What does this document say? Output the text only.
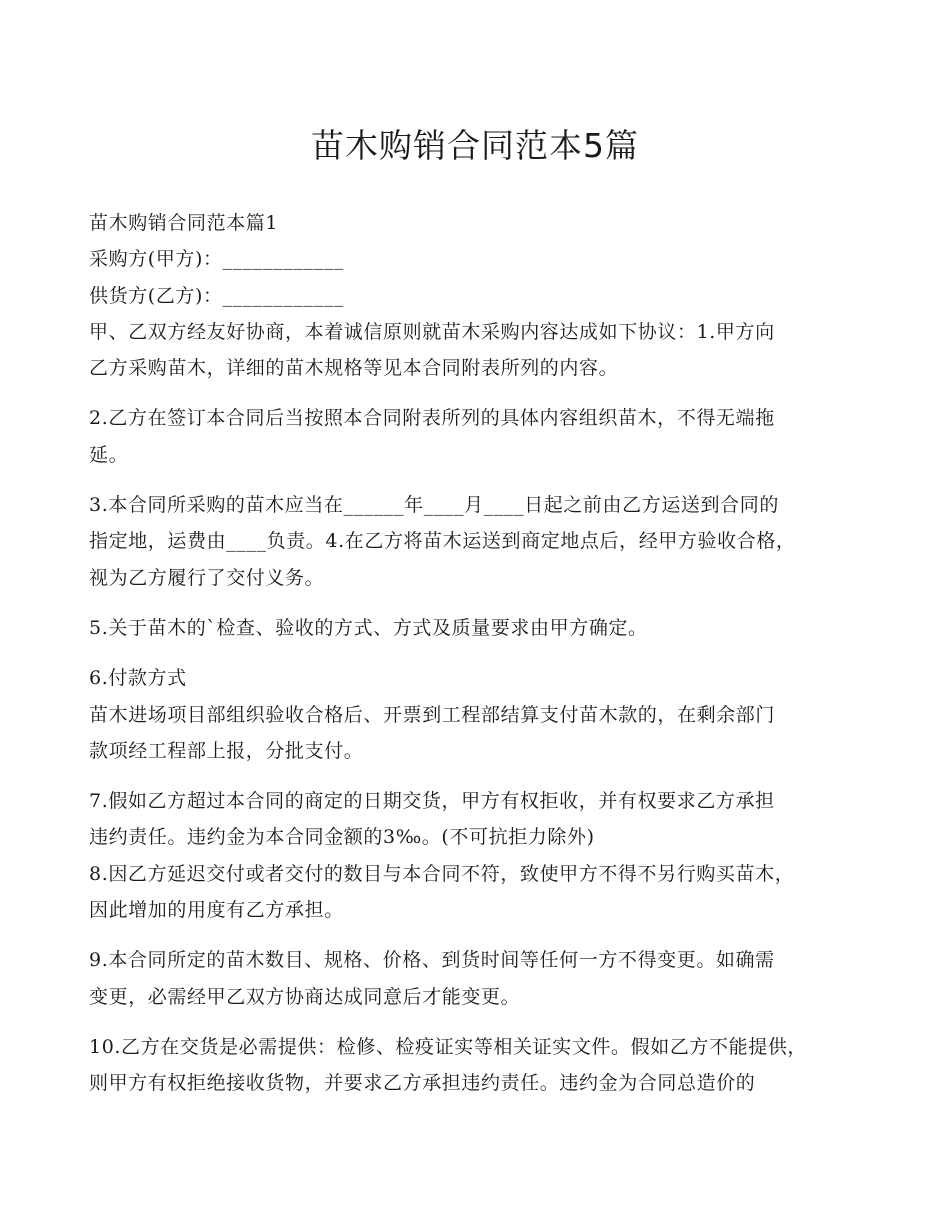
苗木购销合同范本5篇

苗木购销合同范本篇1

采购方(甲方)：____________

供货方(乙方)：____________

甲、乙双方经友好协商，本着诚信原则就苗木采购内容达成如下协议：1.甲方向

乙方采购苗木，详细的苗木规格等见本合同附表所列的内容。

2.乙方在签订本合同后当按照本合同附表所列的具体内容组织苗木，不得无端拖

延。

3.本合同所采购的苗木应当在______年____月____日起之前由乙方运送到合同的

指定地，运费由____负责。4.在乙方将苗木运送到商定地点后，经甲方验收合格，

视为乙方履行了交付义务。

5.关于苗木的`检查、验收的方式、方式及质量要求由甲方确定。

6.付款方式

苗木进场项目部组织验收合格后、开票到工程部结算支付苗木款的，在剩余部门

款项经工程部上报，分批支付。

7.假如乙方超过本合同的商定的日期交货，甲方有权拒收，并有权要求乙方承担

违约责任。违约金为本合同金额的3‰。(不可抗拒力除外)

8.因乙方延迟交付或者交付的数目与本合同不符，致使甲方不得不另行购买苗木，

因此增加的用度有乙方承担。

9.本合同所定的苗木数目、规格、价格、到货时间等任何一方不得变更。如确需

变更，必需经甲乙双方协商达成同意后才能变更。

10.乙方在交货是必需提供：检修、检疫证实等相关证实文件。假如乙方不能提供，

则甲方有权拒绝接收货物，并要求乙方承担违约责任。违约金为合同总造价的
